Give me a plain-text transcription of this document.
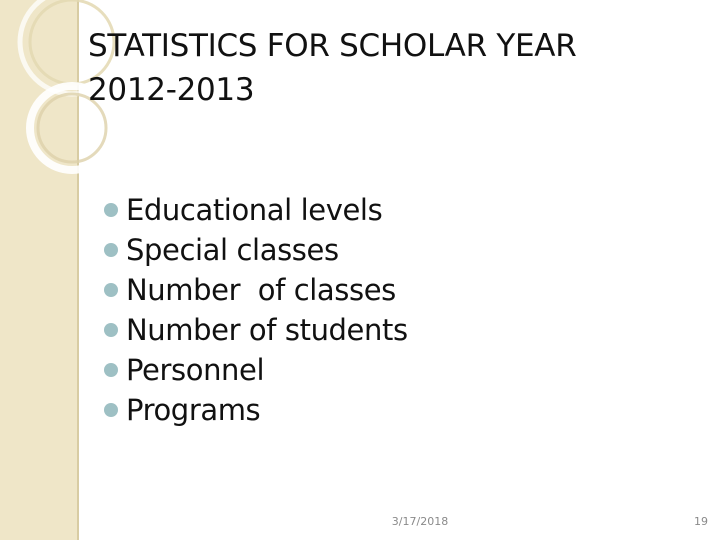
STATISTICS FOR SCHOLAR YEAR
2012-2013
Educational levels
Special classes
Number  of classes
Number of students
Personnel
Programs
3/17/2018	19
